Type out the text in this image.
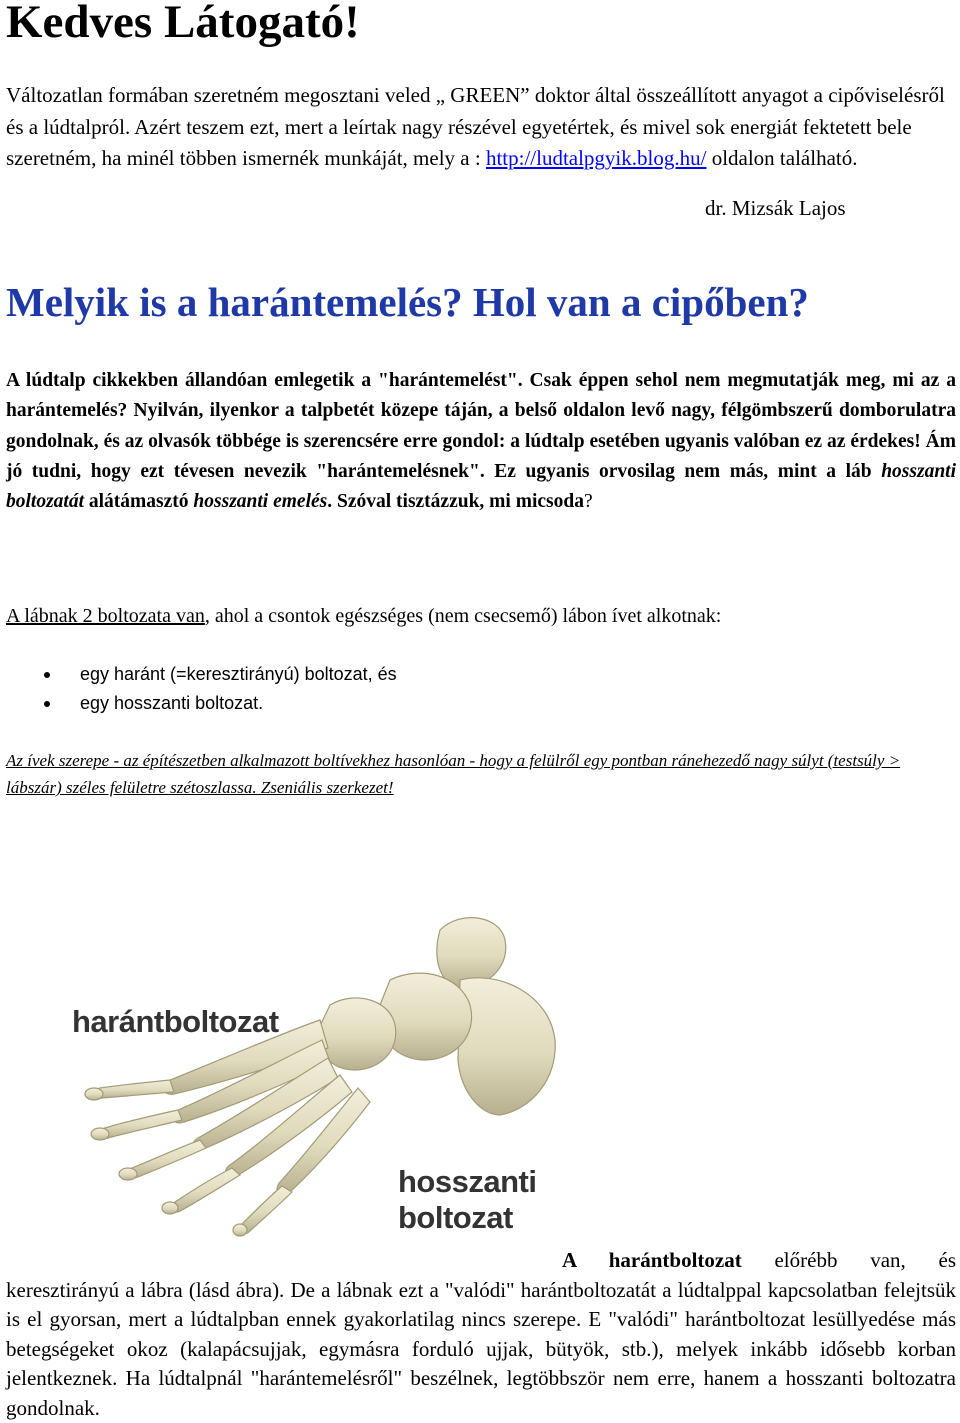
Kedves Látogató!

Változatlan formában szeretném megosztani veled „ GREEN” doktor által összeállított anyagot a cipőviselésről és a lúdtalpról. Azért teszem ezt, mert a leírtak nagy részével egyetértek, és mivel sok energiát fektetett bele szeretném, ha minél többen ismernék munkáját, mely a : http://ludtalpgyik.blog.hu/ oldalon található.

dr. Mizsák Lajos
Melyik is a harántemelés? Hol van a cipőben?

A lúdtalp cikkekben állandóan emlegetik a "harántemelést". Csak éppen sehol nem megmutatják meg, mi az a harántemelés? Nyilván, ilyenkor a talpbetét közepe táján, a belső oldalon levő nagy, félgömbszerű domborulatra gondolnak, és az olvasók többége is szerencsére erre gondol: a lúdtalp esetében ugyanis valóban ez az érdekes! Ám jó tudni, hogy ezt tévesen nevezik "harántemelésnek". Ez ugyanis orvosilag nem más, mint a láb hosszanti boltozatát alátámasztó hosszanti emelés. Szóval tisztázzuk, mi micsoda?

A lábnak 2 boltozata van, ahol a csontok egészséges (nem csecsemő) lábon ívet alkotnak:

egy haránt (=keresztirányú) boltozat, és
egy hosszanti boltozat.

Az ívek szerepe - az építészetben alkalmazott boltívekhez hasonlóan - hogy a felülről egy pontban ránehezedő nagy súlyt (testsúly > lábszár) széles felületre szétoszlassa. Zseniális szerkezet!

harántboltozat
hosszanti
boltozat

A harántboltozat előrébb van, és keresztirányú a lábra (lásd ábra). De a lábnak ezt a "valódi" harántboltozatát a lúdtalppal kapcsolatban felejtsük is el gyorsan, mert a lúdtalpban ennek gyakorlatilag nincs szerepe. E "valódi" harántboltozat lesüllyedése más betegségeket okoz (kalapácsujjak, egymásra forduló ujjak, bütyök, stb.), melyek inkább idősebb korban jelentkeznek. Ha lúdtalpnál "harántemelésről" beszélnek, legtöbbször nem erre, hanem a hosszanti boltozatra gondolnak.
